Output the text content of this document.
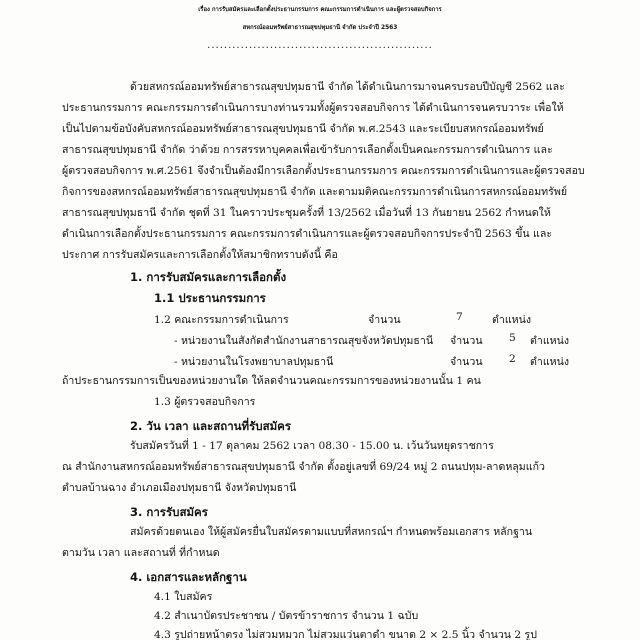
เรื่อง การรับสมัครและเลือกตั้งประธานกรรมการ คณะกรรมการดำเนินการ และผู้ตรวจสอบกิจการ
สหกรณ์ออมทรัพย์สาธารณสุขปทุมธานี จำกัด ประจำปี 2563
......................................................
ด้วยสหกรณ์ออมทรัพย์สาธารณสุขปทุมธานี จำกัด ได้ดำเนินการมาจนครบรอบปีบัญชี 2562 และ
ประธานกรรมการ คณะกรรมการดำเนินการบางท่านรวมทั้งผู้ตรวจสอบกิจการ ได้ดำเนินการจนครบวาระ เพื่อให้
เป็นไปตามข้อบังคับสหกรณ์ออมทรัพย์สาธารณสุขปทุมธานี จำกัด พ.ศ.2543 และระเบียบสหกรณ์ออมทรัพย์
สาธารณสุขปทุมธานี จำกัด ว่าด้วย การสรรหาบุคคลเพื่อเข้ารับการเลือกตั้งเป็นคณะกรรมการดำเนินการ และ
ผู้ตรวจสอบกิจการ พ.ศ.2561 จึงจำเป็นต้องมีการเลือกตั้งประธานกรรมการ คณะกรรมการดำเนินการและผู้ตรวจสอบ
กิจการของสหกรณ์ออมทรัพย์สาธารณสุขปทุมธานี จำกัด และตามมติคณะกรรมการดำเนินการสหกรณ์ออมทรัพย์
สาธารณสุขปทุมธานี จำกัด ชุดที่ 31 ในคราวประชุมครั้งที่ 13/2562 เมื่อวันที่ 13 กันยายน 2562 กำหนดให้
ดำเนินการเลือกตั้งประธานกรรมการ คณะกรรมการดำเนินการและผู้ตรวจสอบกิจการประจำปี 2563 ขึ้น และ
ประกาศ การรับสมัครและการเลือกตั้งให้สมาชิกทราบดังนี้ คือ
1. การรับสมัครและการเลือกตั้ง
1.1 ประธานกรรมการ
1.2 คณะกรรมการดำเนินการ	จำนวน	7	ตำแหน่ง
- หน่วยงานในสังกัดสำนักงานสาธารณสุขจังหวัดปทุมธานี จำนวน 5 ตำแหน่ง
- หน่วยงานในโรงพยาบาลปทุมธานี	จำนวน 2 ตำแหน่ง
ถ้าประธานกรรมการเป็นของหน่วยงานใด ให้ลดจำนวนคณะกรรมการของหน่วยงานนั้น 1 คน
1.3 ผู้ตรวจสอบกิจการ
2. วัน เวลา และสถานที่รับสมัคร
รับสมัครวันที่ 1 - 17 ตุลาคม 2562 เวลา 08.30 - 15.00 น. เว้นวันหยุดราชการ
ณ สำนักงานสหกรณ์ออมทรัพย์สาธารณสุขปทุมธานี จำกัด ตั้งอยู่เลขที่ 69/24 หมู่ 2 ถนนปทุม-ลาดหลุมแก้ว
ตำบลบ้านฉาง อำเภอเมืองปทุมธานี จังหวัดปทุมธานี
3. การรับสมัคร
สมัครด้วยตนเอง ให้ผู้สมัครยื่นใบสมัครตามแบบที่สหกรณ์ฯ กำหนดพร้อมเอกสาร หลักฐาน
ตามวัน เวลา และสถานที่ ที่กำหนด
4. เอกสารและหลักฐาน
4.1 ใบสมัคร
4.2 สำเนาบัตรประชาชน / บัตรข้าราชการ จำนวน 1 ฉบับ
4.3 รูปถ่ายหน้าตรง ไม่สวมหมวก ไม่สวมแว่นตาดำ ขนาด 2 × 2.5 นิ้ว จำนวน 2 รูป
